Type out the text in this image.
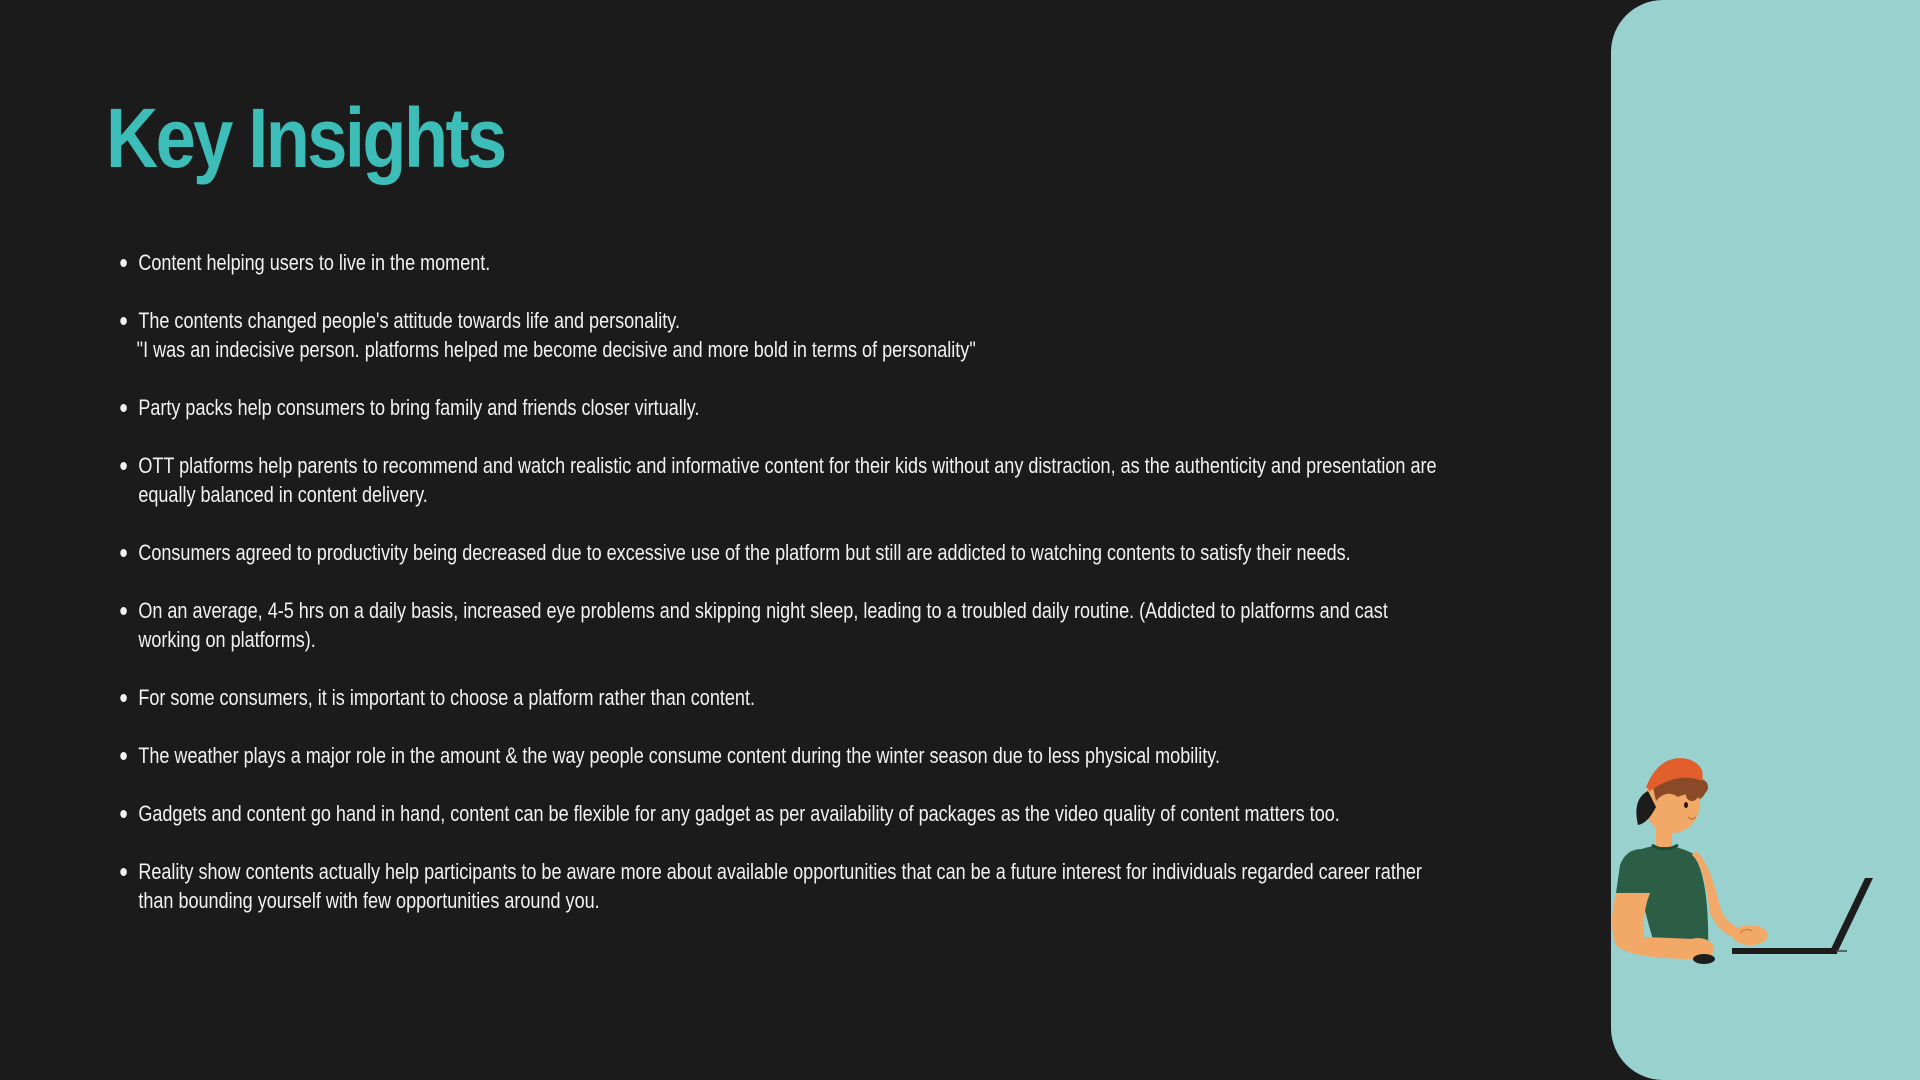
Key Insights
Content helping users to live in the moment.
The contents changed people's attitude towards life and personality.
"I was an indecisive person. platforms helped me become decisive and more bold in terms of personality"
Party packs help consumers to bring family and friends closer virtually.
OTT platforms help parents to recommend and watch realistic and informative content for their kids without any distraction, as the authenticity and presentation are equally balanced in content delivery.
Consumers agreed to productivity being decreased due to excessive use of the platform but still are addicted to watching contents to satisfy their needs.
On an average, 4-5 hrs on a daily basis, increased eye problems and skipping night sleep, leading to a troubled daily routine. (Addicted to platforms and cast working on platforms).
For some consumers, it is important to choose a platform rather than content.
The weather plays a major role in the amount & the way people consume content during the winter season due to less physical mobility.
Gadgets and content go hand in hand, content can be flexible for any gadget as per availability of packages as the video quality of content matters too.
Reality show contents actually help participants to be aware more about available opportunities that can be a future interest for individuals regarded career rather than bounding yourself with few opportunities around you.
